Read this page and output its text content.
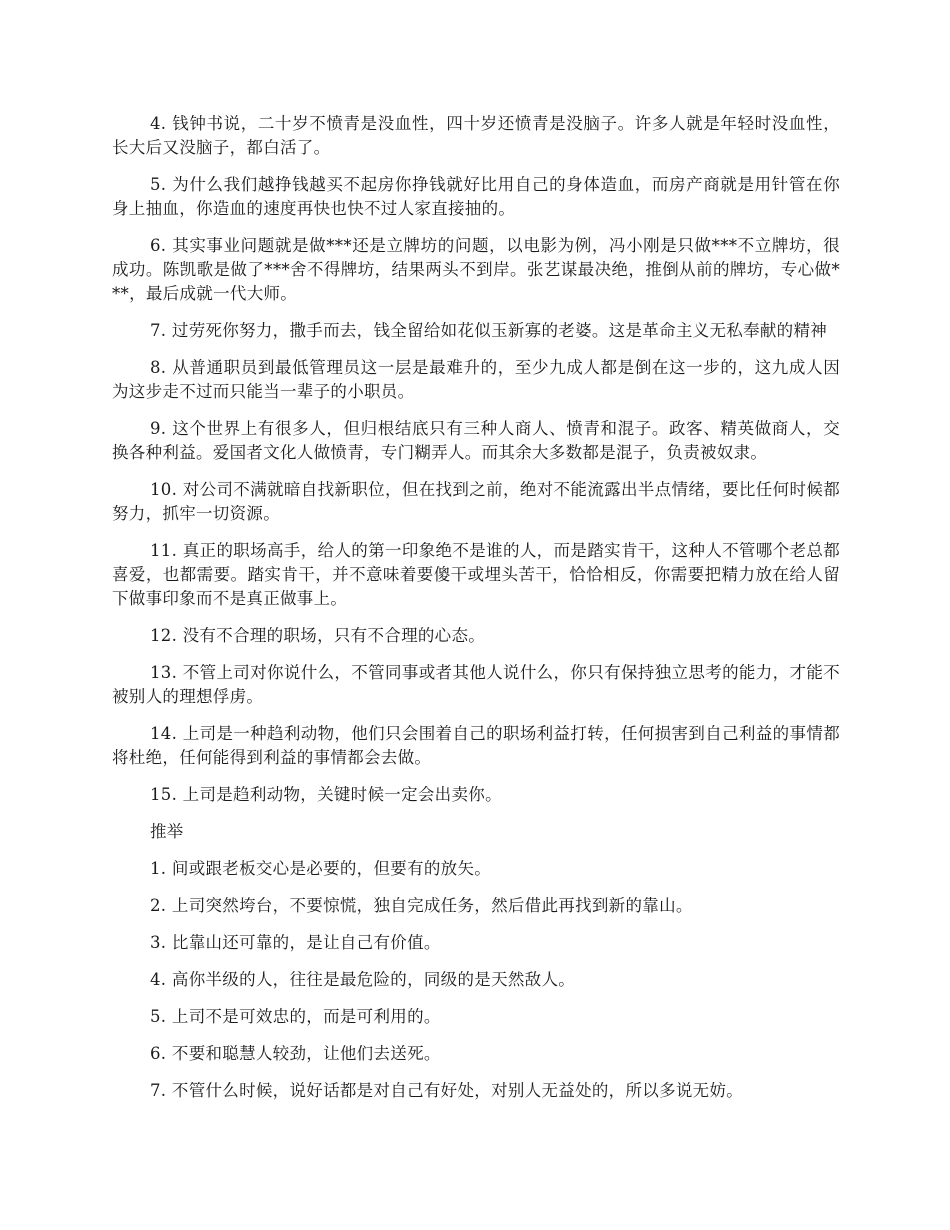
4. 钱钟书说，二十岁不愤青是没血性，四十岁还愤青是没脑子。许多人就是年轻时没血性，长大后又没脑子，都白活了。

5. 为什么我们越挣钱越买不起房你挣钱就好比用自己的身体造血，而房产商就是用针管在你身上抽血，你造血的速度再快也快不过人家直接抽的。

6. 其实事业问题就是做***还是立牌坊的问题，以电影为例，冯小刚是只做***不立牌坊，很成功。陈凯歌是做了***舍不得牌坊，结果两头不到岸。张艺谋最决绝，推倒从前的牌坊，专心做***，最后成就一代大师。

7. 过劳死你努力，撒手而去，钱全留给如花似玉新寡的老婆。这是革命主义无私奉献的精神

8. 从普通职员到最低管理员这一层是最难升的，至少九成人都是倒在这一步的，这九成人因为这步走不过而只能当一辈子的小职员。

9. 这个世界上有很多人，但归根结底只有三种人商人、愤青和混子。政客、精英做商人，交换各种利益。爱国者文化人做愤青，专门糊弄人。而其余大多数都是混子，负责被奴隶。

10. 对公司不满就暗自找新职位，但在找到之前，绝对不能流露出半点情绪，要比任何时候都努力，抓牢一切资源。

11. 真正的职场高手，给人的第一印象绝不是谁的人，而是踏实肯干，这种人不管哪个老总都喜爱，也都需要。踏实肯干，并不意味着要傻干或埋头苦干，恰恰相反，你需要把精力放在给人留下做事印象而不是真正做事上。

12. 没有不合理的职场，只有不合理的心态。

13. 不管上司对你说什么，不管同事或者其他人说什么，你只有保持独立思考的能力，才能不被别人的理想俘虏。

14. 上司是一种趋利动物，他们只会围着自己的职场利益打转，任何损害到自己利益的事情都将杜绝，任何能得到利益的事情都会去做。

15. 上司是趋利动物，关键时候一定会出卖你。

推举

1. 间或跟老板交心是必要的，但要有的放矢。

2. 上司突然垮台，不要惊慌，独自完成任务，然后借此再找到新的靠山。

3. 比靠山还可靠的，是让自己有价值。

4. 高你半级的人，往往是最危险的，同级的是天然敌人。

5. 上司不是可效忠的，而是可利用的。

6. 不要和聪慧人较劲，让他们去送死。

7. 不管什么时候，说好话都是对自己有好处，对别人无益处的，所以多说无妨。
